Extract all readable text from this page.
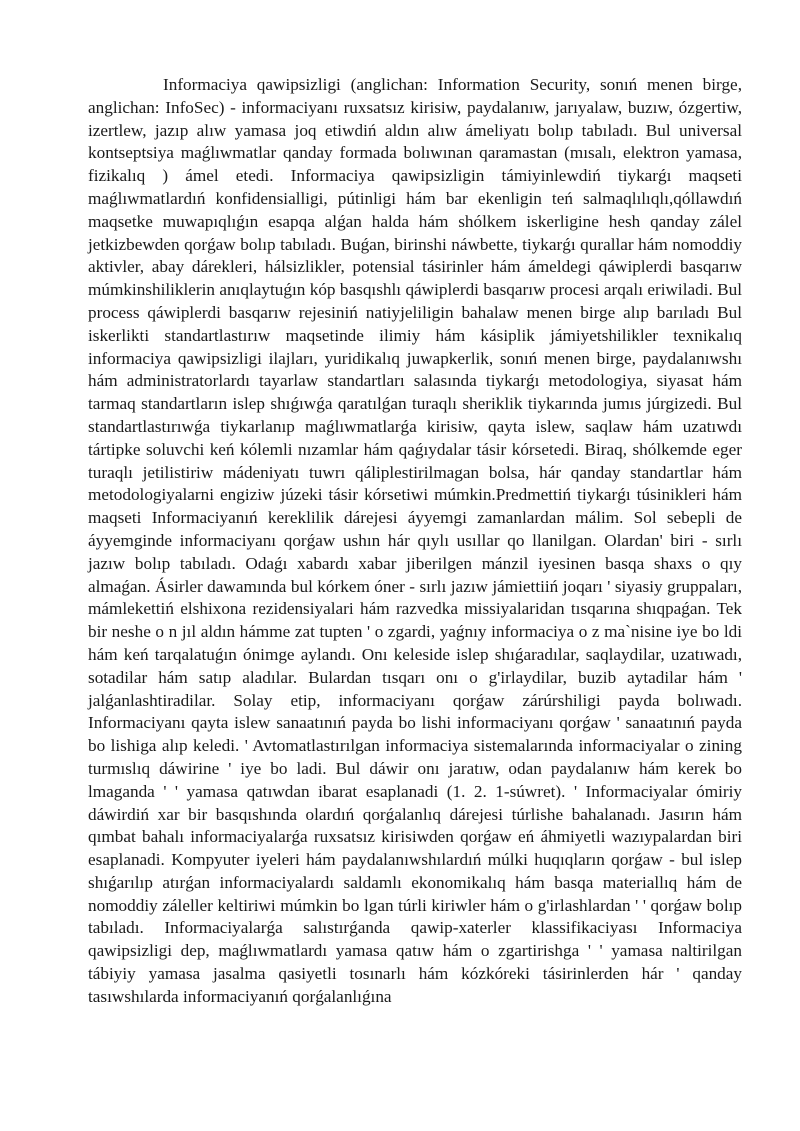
Informaciya qawipsizligi (anglichan: Information Security, sonıń menen birge, anglichan: InfoSec) - informaciyanı ruxsatsız kirisiw, paydalanıw, jarıyalaw, buzıw, ózgertiw, izertlew, jazıp alıw yamasa joq etiwdiń aldın alıw ámeliyatı bolıp tabıladı. Bul universal kontseptsiya maǵlıwmatlar qanday formada bolıwınan qaramastan (mısalı, elektron yamasa, fizikalıq ) ámel etedi. Informaciya qawipsizligin támiyinlewdiń tiykarǵı maqseti maǵlıwmatlardıń konfidensialligi, pútinligi hám bar ekenligin teń salmaqlılıqlı,qóllawdıń maqsetke muwapıqlıǵın esapqa alǵan halda hám shólkem iskerligine hesh qanday zálel jetkizbewden qorǵaw bolıp tabıladı. Buǵan, birinshi náwbette, tiykarǵı qurallar hám nomoddiy aktivler, abay dárekleri, hálsizlikler, potensial tásirinler hám ámeldegi qáwiplerdi basqarıw múmkinshiliklerin anıqlaytuǵın kóp basqıshlı qáwiplerdi basqarıw procesi arqalı eriwiladi. Bul process qáwiplerdi basqarıw rejesiniń natiyjeliligin bahalaw menen birge alıp barıladı Bul iskerlikti standartlastırıw maqsetinde ilimiy hám kásiplik jámiyetshilikler texnikalıq informaciya qawipsizligi ilajları, yuridikalıq juwapkerlik, sonıń menen birge, paydalanıwshı hám administratorlardı tayarlaw standartları salasında tiykarǵı metodologiya, siyasat hám tarmaq standartların islep shıǵıwǵa qaratılǵan turaqlı sheriklik tiykarında jumıs júrgizedi. Bul standartlastırıwǵa tiykarlanıp maǵlıwmatlarǵa kirisiw, qayta islew, saqlaw hám uzatıwdı tártipke soluvchi keń kólemli nızamlar hám qaǵıydalar tásir kórsetedi. Biraq, shólkemde eger turaqlı jetilistiriw mádeniyatı tuwrı qáliplestirilmagan bolsa, hár qanday standartlar hám metodologiyalarni engiziw júzeki tásir kórsetiwi múmkin.Predmettiń tiykarǵı túsinikleri hám maqseti Informaciyanıń kereklilik dárejesi áyyemgi zamanlardan málim. Sol sebepli de áyyemginde informaciyanı qorǵaw ushın hár qıylı usıllar qo llanilgan. Olardan' biri - sırlı jazıw bolıp tabıladı. Odaǵı xabardı xabar jiberilgen mánzil iyesinen basqa shaxs o qıy almaǵan. Ásirler dawamında bul kórkem óner - sırlı jazıw jámiettiiń joqarı ' siyasiy gruppaları, mámlekettiń elshixona rezidensiyalari hám razvedka missiyalaridan tısqarına shıqpaǵan. Tek bir neshe o n jıl aldın hámme zat tupten ' o zgardi, yaǵnıy informaciya o z ma`nisine iye bo ldi hám keń tarqalatuǵın ónimge aylandı. Onı keleside islep shıǵaradılar, saqlaydilar, uzatıwadı, sotadilar hám satıp aladılar. Bulardan tısqarı onı o g'irlaydilar, buzib aytadilar hám ' jalǵanlashtiradilar. Solay etip, informaciyanı qorǵaw zárúrshiligi payda bolıwadı. Informaciyanı qayta islew sanaatınıń payda bo lishi informaciyanı qorǵaw ' sanaatınıń payda bo lishiga alıp keledi. ' Avtomatlastırılgan informaciya sistemalarında informaciyalar o zining turmıslıq dáwirine ' iye bo ladi. Bul dáwir onı jaratıw, odan paydalanıw hám kerek bo lmaganda ' ' yamasa qatıwdan ibarat esaplanadi (1. 2. 1-súwret). ' Informaciyalar ómiriy dáwirdiń xar bir basqıshında olardıń qorǵalanlıq dárejesi túrlishe bahalanadı. Jasırın hám qımbat bahalı informaciyalarǵa ruxsatsız kirisiwden qorǵaw eń áhmiyetli wazıypalardan biri esaplanadi. Kompyuter iyeleri hám paydalanıwshılardıń múlki huqıqların qorǵaw - bul islep shıǵarılıp atırǵan informaciyalardı saldamlı ekonomikalıq hám basqa materiallıq hám de nomoddiy záleller keltiriwi múmkin bo lgan túrli kiriwler hám o g'irlashlardan ' ' qorǵaw bolıp tabıladı. Informaciyalarǵa salıstırǵanda qawip-xaterler klassifikaciyası Informaciya qawipsizligi dep, maǵlıwmatlardı yamasa qatıw hám o zgartirishga ' ' yamasa naltirilgan tábiyiy yamasa jasalma qasiyetli tosınarlı hám kózkóreki tásirinlerden hár ' qanday tasıwshılarda informaciyanıń qorǵalanlıǵına
